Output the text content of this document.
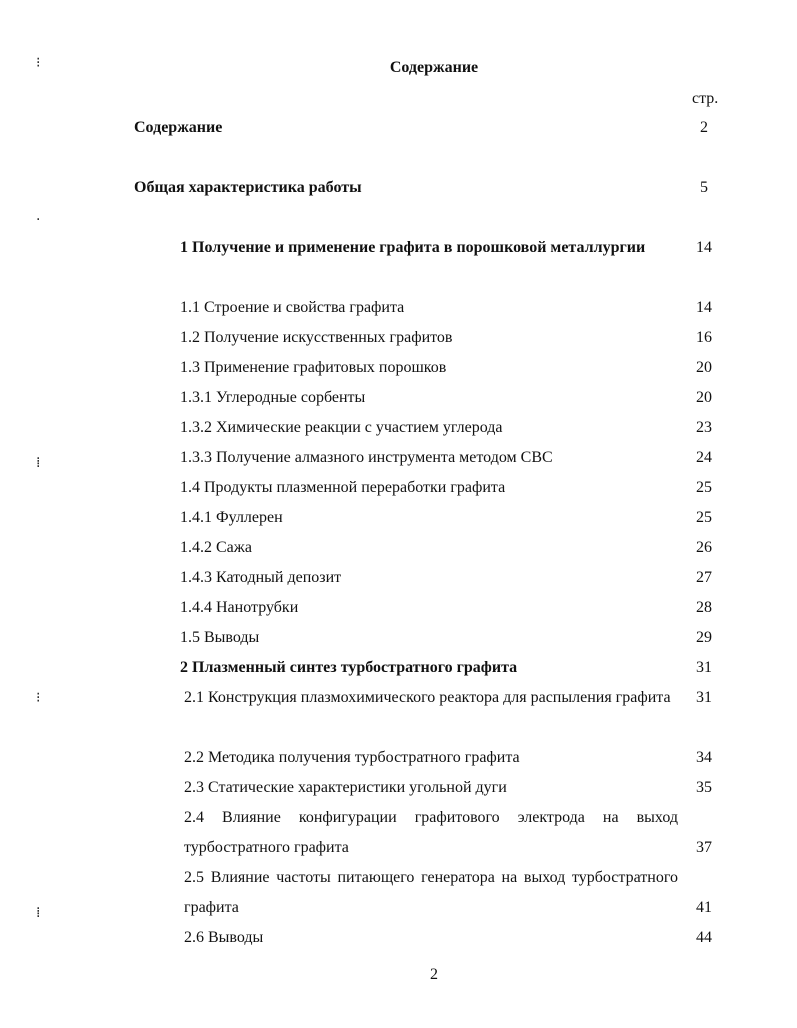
Содержание
стр.
Содержание	2
Общая характеристика работы	5
1 Получение и применение графита в порошковой металлургии	14
1.1 Строение и свойства графита	14
1.2 Получение искусственных графитов	16
1.3 Применение графитовых порошков	20
1.3.1 Углеродные сорбенты	20
1.3.2 Химические реакции с участием углерода	23
1.3.3 Получение алмазного инструмента методом СВС	24
1.4 Продукты плазменной переработки графита	25
1.4.1 Фуллерен	25
1.4.2 Сажа	26
1.4.3 Катодный депозит	27
1.4.4 Нанотрубки	28
1.5 Выводы	29
2 Плазменный синтез турбостратного графита	31
2.1 Конструкция плазмохимического реактора для распыления графита	31
2.2 Методика получения турбостратного графита	34
2.3 Статические характеристики угольной дуги	35
2.4 Влияние конфигурации графитового электрода на выход турбостратного графита	37
2.5 Влияние частоты питающего генератора на выход турбостратного графита	41
2.6 Выводы	44
2
⁝
·
⁞
⁝
⁞
